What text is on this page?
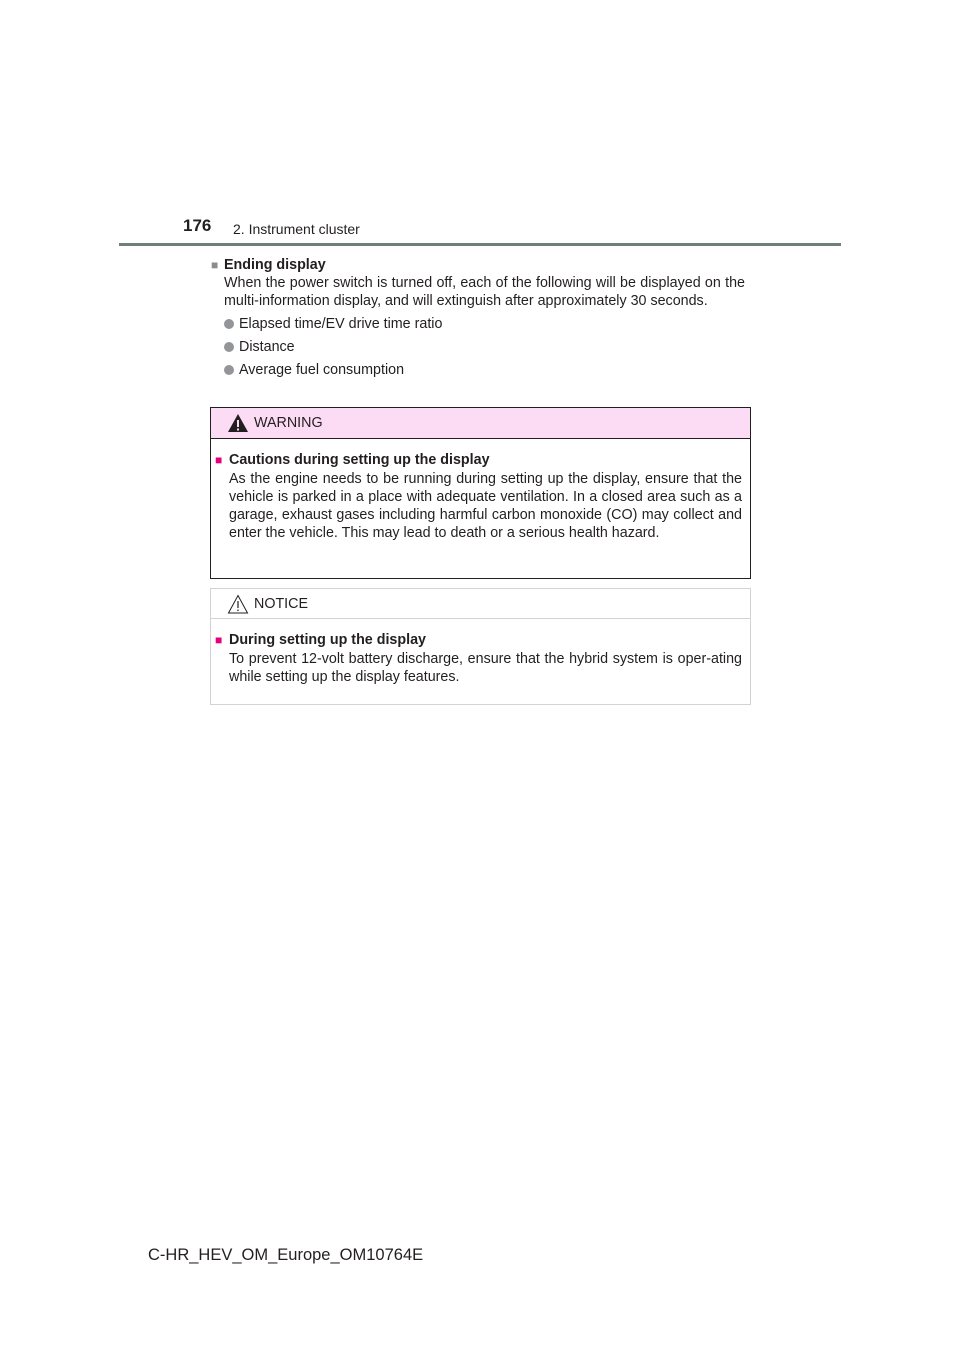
176 2. Instrument cluster
■ Ending display

When the power switch is turned off, each of the following will be displayed on the multi-information display, and will extinguish after approximately 30 seconds.

Elapsed time/EV drive time ratio
Distance
Average fuel consumption
WARNING
■ Cautions during setting up the display

As the engine needs to be running during setting up the display, ensure that the vehicle is parked in a place with adequate ventilation. In a closed area such as a garage, exhaust gases including harmful carbon monoxide (CO) may collect and enter the vehicle. This may lead to death or a serious health hazard.

NOTICE
■ During setting up the display

To prevent 12-volt battery discharge, ensure that the hybrid system is oper-ating while setting up the display features.

C-HR_HEV_OM_Europe_OM10764E
